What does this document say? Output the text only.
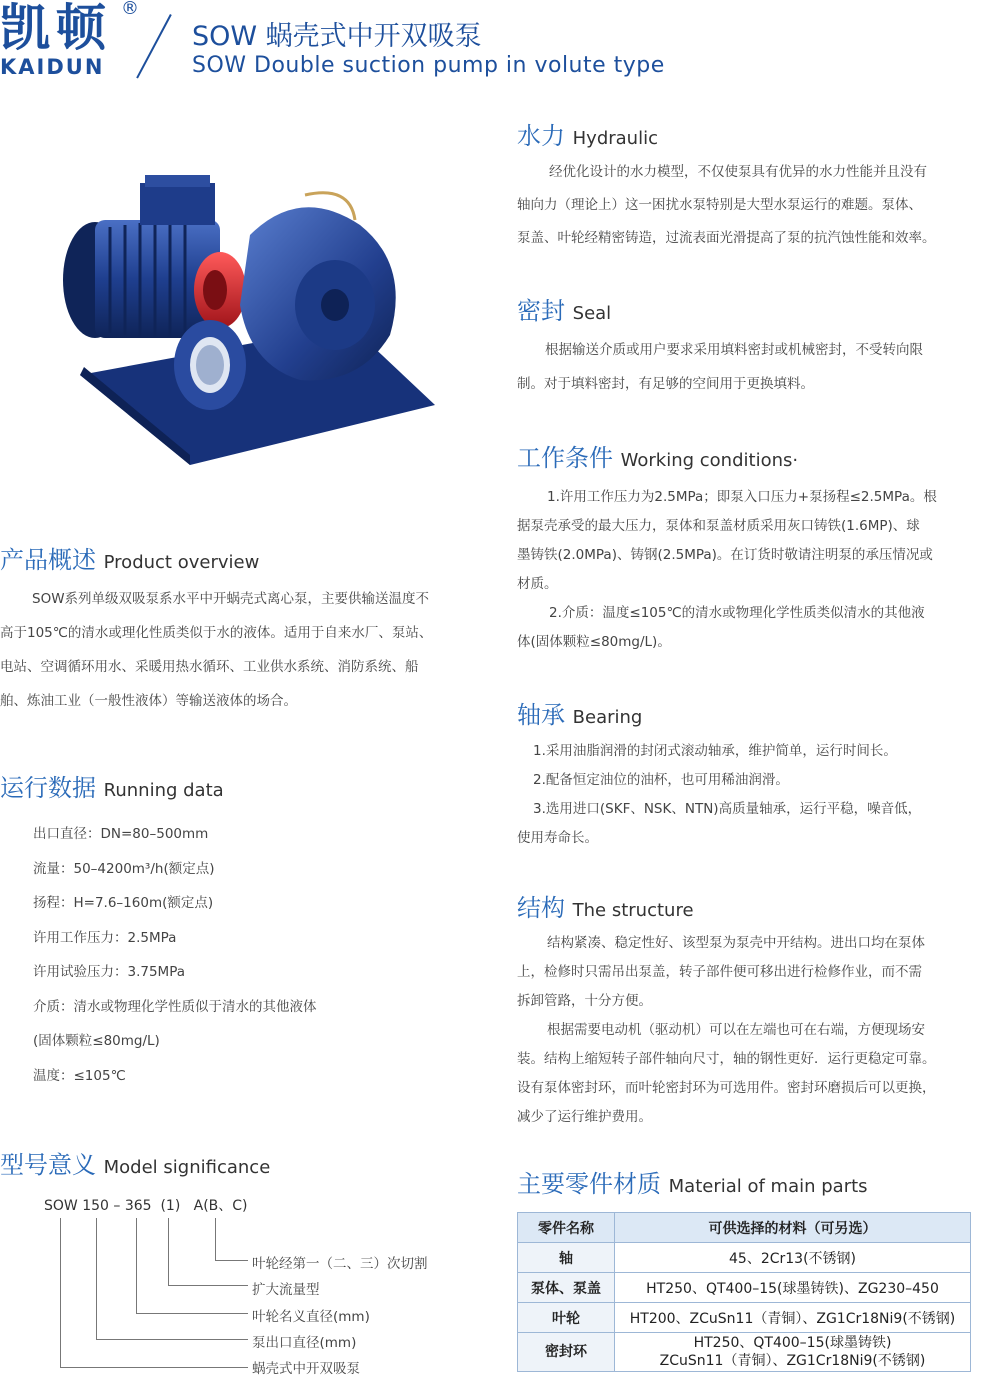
凯顿 ®
KAIDUN
SOW 蜗壳式中开双吸泵
SOW Double suction pump in volute type
水力 Hydraulic
经优化设计的水力模型，不仅使泵具有优异的水力性能并且没有
轴向力（理论上）这一困扰水泵特别是大型水泵运行的难题。泵体、
泵盖、叶轮经精密铸造，过流表面光滑提高了泵的抗汽蚀性能和效率。
密封 Seal
根据输送介质或用户要求采用填料密封或机械密封，不受转向限
制。对于填料密封，有足够的空间用于更换填料。
工作条件 Working conditions·
1.许用工作压力为2.5MPa；即泵入口压力+泵扬程≤2.5MPa。根
据泵壳承受的最大压力，泵体和泵盖材质采用灰口铸铁(1.6MP)、球
墨铸铁(2.0MPa)、铸钢(2.5MPa)。在订货时敬请注明泵的承压情况或
材质。
2.介质：温度≤105℃的清水或物理化学性质类似清水的其他液
体(固体颗粒≤80mg/L)。
轴承 Bearing
1.采用油脂润滑的封闭式滚动轴承，维护简单，运行时间长。
2.配备恒定油位的油杯，也可用稀油润滑。
3.选用进口(SKF、NSK、NTN)高质量轴承，运行平稳，噪音低，
使用寿命长。
结构 The structure
结构紧凑、稳定性好、该型泵为泵壳中开结构。进出口均在泵体
上，检修时只需吊出泵盖，转子部件便可移出进行检修作业，而不需
拆卸管路，十分方便。
根据需要电动机（驱动机）可以在左端也可在右端，方便现场安
装。结构上缩短转子部件轴向尺寸，轴的钢性更好．运行更稳定可靠。
设有泵体密封环，而叶轮密封环为可选用件。密封环磨损后可以更换，
减少了运行维护费用。
主要零件材质 Material of main parts
零件名称	可供选择的材料（可另选）
轴	45、2Cr13(不锈钢)
泵体、泵盖	HT250、QT400–15(球墨铸铁)、ZG230–450
叶轮	HT200、ZCuSn11（青铜）、ZG1Cr18Ni9(不锈钢)
密封环	HT250、QT400–15(球墨铸铁)
ZCuSn11（青铜）、ZG1Cr18Ni9(不锈钢)
产品概述 Product overview
SOW系列单级双吸泵系水平中开蜗壳式离心泵，主要供输送温度不
高于105℃的清水或理化性质类似于水的液体。适用于自来水厂、泵站、
电站、空调循环用水、采暖用热水循环、工业供水系统、消防系统、船
舶、炼油工业（一般性液体）等输送液体的场合。
运行数据 Running data
出口直径：DN=80–500mm
流量：50–4200m³/h(额定点)
扬程：H=7.6–160m(额定点)
许用工作压力：2.5MPa
许用试验压力：3.75MPa
介质：清水或物理化学性质似于清水的其他液体
(固体颗粒≤80mg/L)
温度：≤105℃
型号意义 Model significance
SOW 150 – 365  (1)   A(B、C)
叶轮经第一（二、三）次切割
扩大流量型
叶轮名义直径(mm)
泵出口直径(mm)
蜗壳式中开双吸泵
